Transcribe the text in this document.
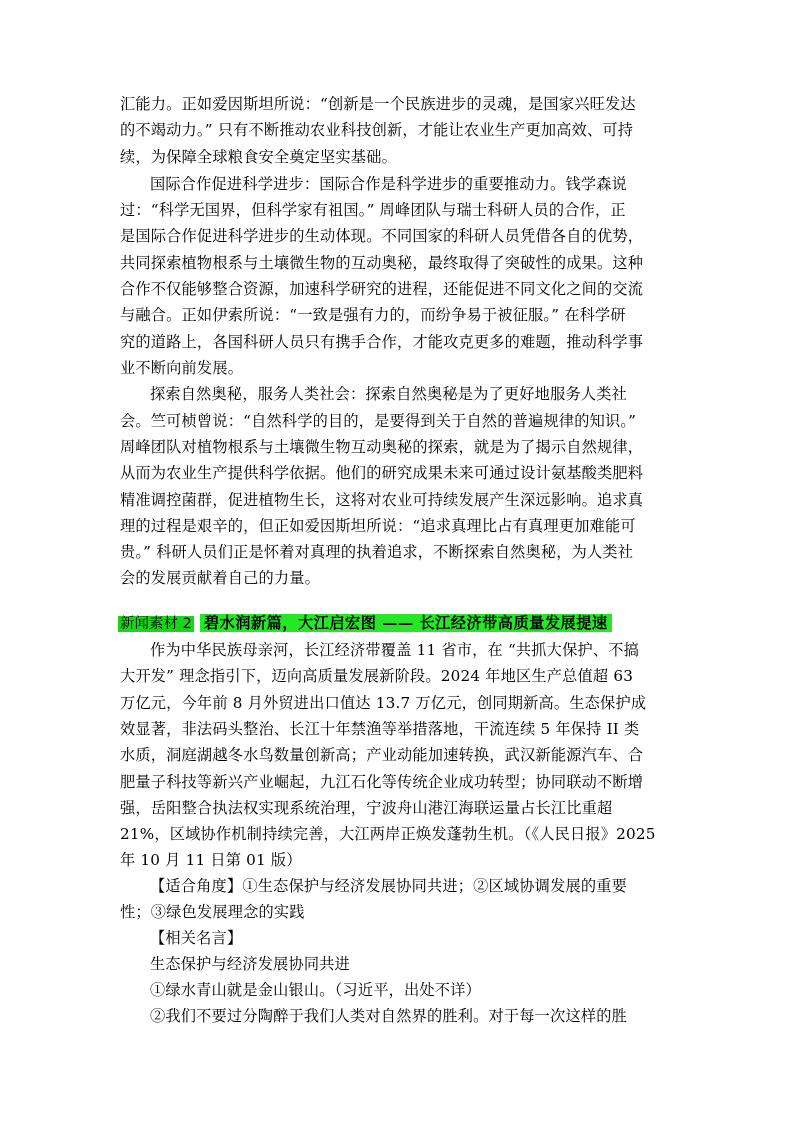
汇能力。正如爱因斯坦所说：“创新是一个民族进步的灵魂，是国家兴旺发达
的不竭动力。” 只有不断推动农业科技创新，才能让农业生产更加高效、可持
续，为保障全球粮食安全奠定坚实基础。
国际合作促进科学进步：国际合作是科学进步的重要推动力。钱学森说
过：“科学无国界，但科学家有祖国。” 周峰团队与瑞士科研人员的合作，正
是国际合作促进科学进步的生动体现。不同国家的科研人员凭借各自的优势，
共同探索植物根系与土壤微生物的互动奥秘，最终取得了突破性的成果。这种
合作不仅能够整合资源，加速科学研究的进程，还能促进不同文化之间的交流
与融合。正如伊索所说：“一致是强有力的，而纷争易于被征服。” 在科学研
究的道路上，各国科研人员只有携手合作，才能攻克更多的难题，推动科学事
业不断向前发展。
探索自然奥秘，服务人类社会：探索自然奥秘是为了更好地服务人类社
会。竺可桢曾说：“自然科学的目的，是要得到关于自然的普遍规律的知识。”
周峰团队对植物根系与土壤微生物互动奥秘的探索，就是为了揭示自然规律，
从而为农业生产提供科学依据。他们的研究成果未来可通过设计氨基酸类肥料
精准调控菌群，促进植物生长，这将对农业可持续发展产生深远影响。追求真
理的过程是艰辛的，但正如爱因斯坦所说：“追求真理比占有真理更加难能可
贵。” 科研人员们正是怀着对真理的执着追求，不断探索自然奥秘，为人类社
会的发展贡献着自己的力量。
新闻素材 2 碧水润新篇，大江启宏图 —— 长江经济带高质量发展提速
作为中华民族母亲河，长江经济带覆盖 11 省市，在 “共抓大保护、不搞
大开发” 理念指引下，迈向高质量发展新阶段。2024 年地区生产总值超 63
万亿元，今年前 8 月外贸进出口值达 13.7 万亿元，创同期新高。生态保护成
效显著，非法码头整治、长江十年禁渔等举措落地，干流连续 5 年保持 II 类
水质，洞庭湖越冬水鸟数量创新高；产业动能加速转换，武汉新能源汽车、合
肥量子科技等新兴产业崛起，九江石化等传统企业成功转型；协同联动不断增
强，岳阳整合执法权实现系统治理，宁波舟山港江海联运量占长江比重超
21%，区域协作机制持续完善，大江两岸正焕发蓬勃生机。（《人民日报》2025
年 10 月 11 日第 01 版）
【适合角度】①生态保护与经济发展协同共进；②区域协调发展的重要
性；③绿色发展理念的实践
【相关名言】
生态保护与经济发展协同共进
①绿水青山就是金山银山。（习近平，出处不详）
②我们不要过分陶醉于我们人类对自然界的胜利。对于每一次这样的胜
